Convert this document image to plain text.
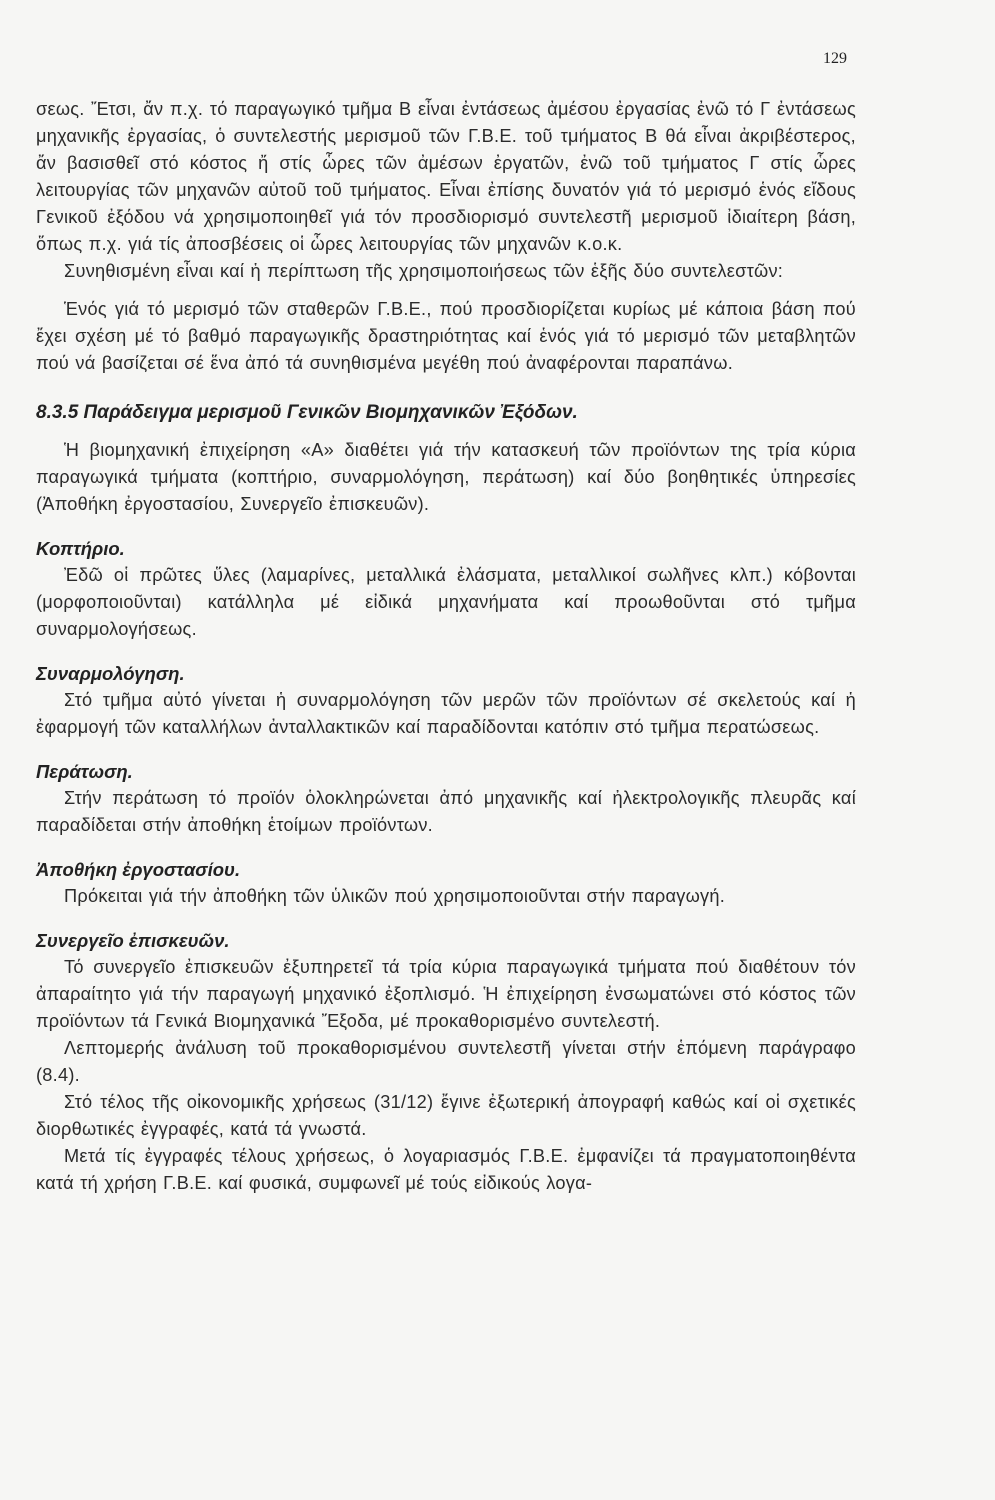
129

σεως. Ἔτσι, ἄν π.χ. τό παραγωγικό τμῆμα Β εἶναι ἐντάσεως ἀμέσου ἐργασίας ἐνῶ τό Γ ἐντάσεως μηχανικῆς ἐργασίας, ὁ συντελεστής μερισμοῦ τῶν Γ.Β.Ε. τοῦ τμήματος Β θά εἶναι ἀκριβέστερος, ἄν βασισθεῖ στό κόστος ἤ στίς ὧρες τῶν ἀμέσων ἐργατῶν, ἐνῶ τοῦ τμήματος Γ στίς ὧρες λειτουργίας τῶν μηχανῶν αὐτοῦ τοῦ τμήματος. Εἶναι ἐπίσης δυνατόν γιά τό μερισμό ἑνός εἴδους Γενικοῦ ἐξόδου νά χρησιμοποιηθεῖ γιά τόν προσδιορισμό συντελεστῆ μερισμοῦ ἰδιαίτερη βάση, ὅπως π.χ. γιά τίς ἀποσβέσεις οἱ ὧρες λειτουργίας τῶν μηχανῶν κ.ο.κ.

Συνηθισμένη εἶναι καί ἡ περίπτωση τῆς χρησιμοποιήσεως τῶν ἑξῆς δύο συντελεστῶν:

Ἑνός γιά τό μερισμό τῶν σταθερῶν Γ.Β.Ε., πού προσδιορίζεται κυρίως μέ κάποια βάση πού ἔχει σχέση μέ τό βαθμό παραγωγικῆς δραστηριότητας καί ἑνός γιά τό μερισμό τῶν μεταβλητῶν πού νά βασίζεται σέ ἕνα ἀπό τά συνηθισμένα μεγέθη πού ἀναφέρονται παραπάνω.

8.3.5 Παράδειγμα μερισμοῦ Γενικῶν Βιομηχανικῶν Ἐξόδων.

Ἡ βιομηχανική ἐπιχείρηση «Α» διαθέτει γιά τήν κατασκευή τῶν προϊόντων της τρία κύρια παραγωγικά τμήματα (κοπτήριο, συναρμολόγηση, περάτωση) καί δύο βοηθητικές ὑπηρεσίες (Ἀποθήκη ἐργοστασίου, Συνεργεῖο ἐπισκευῶν).

Κοπτήριο.

Ἐδῶ οἱ πρῶτες ὕλες (λαμαρίνες, μεταλλικά ἐλάσματα, μεταλλικοί σωλῆνες κλπ.) κόβονται (μορφοποιοῦνται) κατάλληλα μέ εἰδικά μηχανήματα καί προωθοῦνται στό τμῆμα συναρμολογήσεως.

Συναρμολόγηση.

Στό τμῆμα αὐτό γίνεται ἡ συναρμολόγηση τῶν μερῶν τῶν προϊόντων σέ σκελετούς καί ἡ ἐφαρμογή τῶν καταλλήλων ἀνταλλακτικῶν καί παραδίδονται κατόπιν στό τμῆμα περατώσεως.

Περάτωση.

Στήν περάτωση τό προϊόν ὁλοκληρώνεται ἀπό μηχανικῆς καί ἠλεκτρολογικῆς πλευρᾶς καί παραδίδεται στήν ἀποθήκη ἑτοίμων προϊόντων.

Ἀποθήκη ἐργοστασίου.

Πρόκειται γιά τήν ἀποθήκη τῶν ὑλικῶν πού χρησιμοποιοῦνται στήν παραγωγή.

Συνεργεῖο ἐπισκευῶν.

Τό συνεργεῖο ἐπισκευῶν ἐξυπηρετεῖ τά τρία κύρια παραγωγικά τμήματα πού διαθέτουν τόν ἀπαραίτητο γιά τήν παραγωγή μηχανικό ἐξοπλισμό. Ἡ ἐπιχείρηση ἐνσωματώνει στό κόστος τῶν προϊόντων τά Γενικά Βιομηχανικά Ἔξοδα, μέ προκαθορισμένο συντελεστή.

Λεπτομερής ἀνάλυση τοῦ προκαθορισμένου συντελεστῆ γίνεται στήν ἑπόμενη παράγραφο (8.4).

Στό τέλος τῆς οἰκονομικῆς χρήσεως (31/12) ἔγινε ἐξωτερική ἀπογραφή καθώς καί οἱ σχετικές διορθωτικές ἐγγραφές, κατά τά γνωστά.

Μετά τίς ἐγγραφές τέλους χρήσεως, ὁ λογαριασμός Γ.Β.Ε. ἐμφανίζει τά πραγματοποιηθέντα κατά τή χρήση Γ.Β.Ε. καί φυσικά, συμφωνεῖ μέ τούς εἰδικούς λογα-
